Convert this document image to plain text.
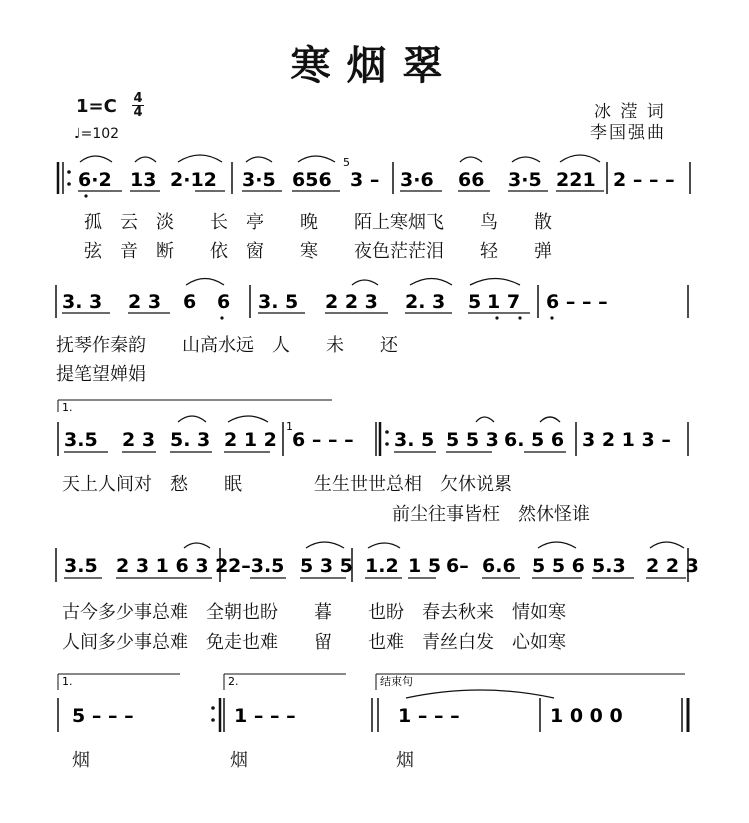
寒烟翠
1=C 4
4
♩=102
冰 滢 词
李国强曲
6·2 13 2·12 3·5 656
5
3 – 3·6 66 3·5 221 2 – – –
3. 3 2 3 6 6 3. 5 2 2 3 2. 3 5 1 7 6 – – –
1.
3.5 2 3 5. 3 2 1 2
1
6 – – – 3. 5 5 5 3 6. 5 6 3 2 1 3 –
3.5 2 3 1 6 3 2 2–3.5 5 3 5 1.2 1 5 6– 6.6 5 5 6 5.3 2 2 3
1.	2.	结束句
5 – – –	1 – – –	1 – – –	1 0 0 0
孤　云　淡　　长　亭　　晚　　陌上寒烟飞　　鸟　　散
弦　音　断　　依　窗　　寒　　夜色茫茫泪　　轻　　弹
抚琴作秦韵　　山高水远　人　　未　　还
提笔望婵娟
天上人间对　愁　　眠　　　　生生世世总相　欠休说累
前尘往事皆枉　然休怪谁
古今多少事总难　全朝也盼　　暮　　也盼　春去秋来　情如寒
人间多少事总难　免走也难　　留　　也难　青丝白发　心如寒
烟	烟	烟
